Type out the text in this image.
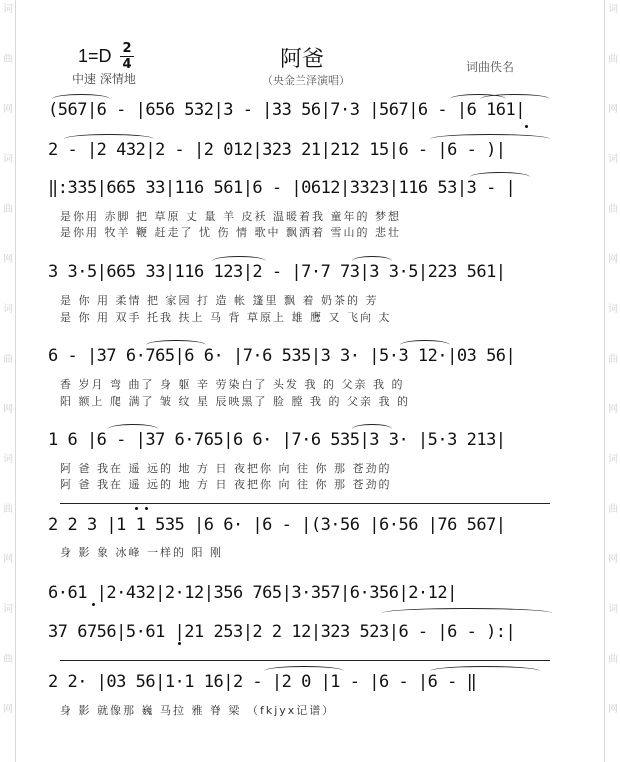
词
曲
网
词
曲
网
词
曲
网
词
曲
网
词
曲
网
词
曲
网
词
曲
网
词
曲
网
词
曲
网
词
曲
网
1=D 2
4
中速 深情地
阿爸
（央金兰泽演唱）
词曲佚名
(567|6 - |656 532|3 - |33 56|7·3 |567|6 - |6 161|
2 - |2 432|2 - |2 012|323 21|212 15|6 - |6 - )|
‖:335|665 33|116 561|6 - |0612|3323|116 53|3 - |
是你用 赤脚 把 草原 丈 量 羊 皮袄 温暖着我 童年的 梦想
是你用 牧羊 鞭 赶走了 忧 伤 情 歌中 飘洒着 雪山的 悲壮
3 3·5|665 33|116 123|2 - |7·7 73|3 3·5|223 561|
是 你 用 柔情 把 家园 打 造 帐 篷里 飘 着 奶茶的 芳
是 你 用 双手 托我 扶上 马 背 草原上 雄 鹰 又 飞向 太
6 - |37 6·765|6 6· |7·6 535|3 3· |5·3 12·|03 56|
香 岁月 弯 曲了 身 躯 辛 劳染白了 头发 我 的 父亲 我 的
阳 额上 爬 满了 皱 纹 星 辰映黑了 脸 膛 我 的 父亲 我 的
1 6 |6 - |37 6·765|6 6· |7·6 535|3 3· |5·3 213|
阿 爸 我在 遥 远的 地 方 日 夜把你 向 往 你 那 苍劲的
阿 爸 我在 遥 远的 地 方 日 夜把你 向 往 你 那 苍劲的
2 2 3 |1 1 535 |6 6· |6 - |(3·56 |6·56 |76 567|
身 影 象 冰峰 一样的 阳 刚
6·61 |2·432|2·12|356 765|3·357|6·356|2·12|
37 6756|5·61 |21 253|2 2 12|323 523|6 - |6 - ):|
2 2· |03 56|1·1 16|2 - |2 0 |1 - |6 - |6 - ‖
身 影 就像那 巍 马拉 雅 脊 梁 （fkjyx记谱）
